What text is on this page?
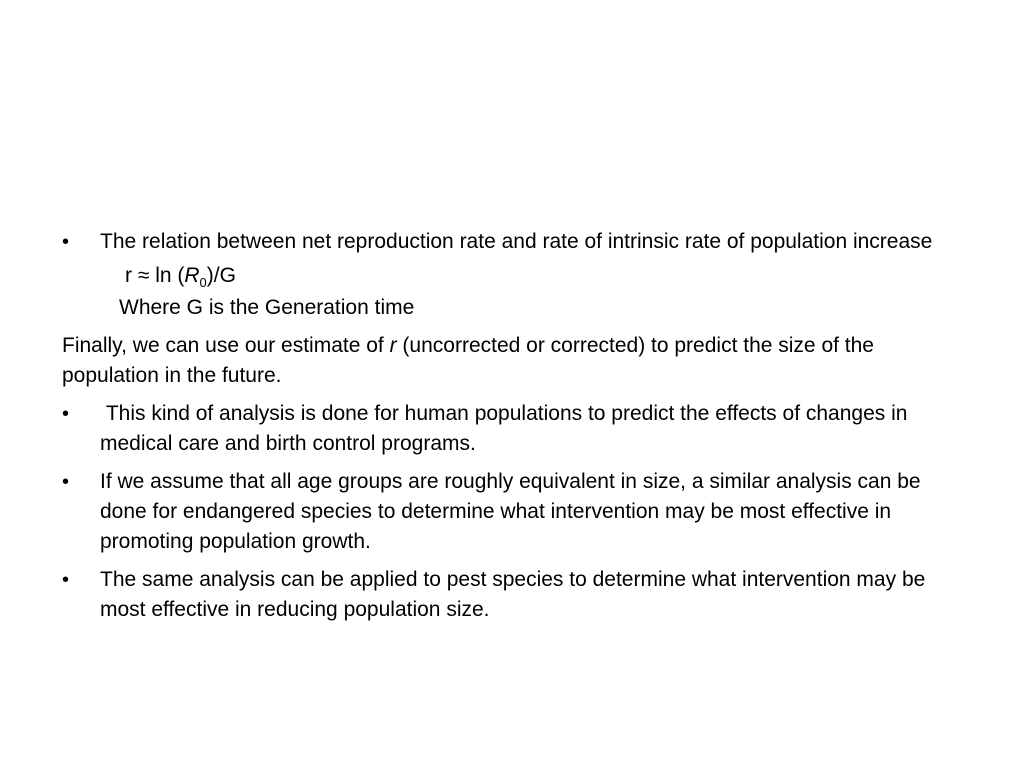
•	The relation between net reproduction rate and rate of intrinsic rate of population increase
$r \approx \ln (R_0)/G$
Where G is the Generation time
Finally, we can use our estimate of r (uncorrected or corrected) to predict the size of the population in the future.
•	This kind of analysis is done for human populations to predict the effects of changes in medical care and birth control programs.
•	If we assume that all age groups are roughly equivalent in size, a similar analysis can be done for endangered species to determine what intervention may be most effective in promoting population growth.
•	The same analysis can be applied to pest species to determine what intervention may be most effective in reducing population size.
